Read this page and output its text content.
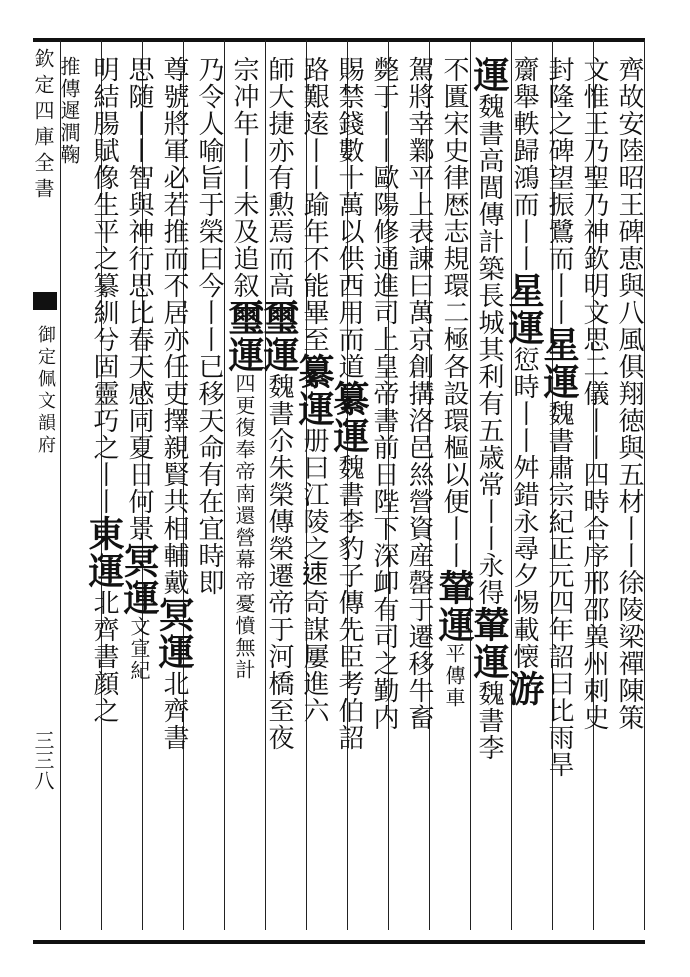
欽定四庫全書
御定佩文韻府
三三八
齊故安陸昭王碑恵與八風俱翔徳與五材丨丨徐陵梁禪陳策
文惟王乃聖乃神欽明文思二儀丨丨四時合序邢邵兾州刺史
封隆之碑望振鷺而丨丨星運魏書肅宗紀正元四年詔曰比雨旱
𪗋舉軼歸鴻而丨丨星運愆時丨丨舛錯永尋夕惕載懐游
運魏書高閭傳計築長城其利有五歳常丨丨永得輦運魏書李
不匱宋史律厯志規環二極各設環樞以便丨丨輦運平傳車
駕將幸鄴平上表諌曰萬京創搆洛邑𢇁營資産罄于遷移牛畜
斃于丨丨歐陽修通進司上皇帝書前日陛下深卹有司之勤内
賜禁錢數十萬以供西用而道纂運魏書李豹子傳先臣考伯詔
路艱逺丨丨踰年不能畢至纂運册曰江陵之𨒪奇謀屢進六
師大捷亦有勲焉而高璽運魏書尒朱榮傳榮遷帝于河橋至夜
宗冲年丨丨未及追叙璽運四更復奉帝南還營幕帝憂憤無計
乃令人喻旨于榮曰今丨丨已移天命有在宜時即
尊號將軍必若推而不居亦任吏擇親賢共相輔戴冥運北齊書
思随丨丨智與神行思比春天感同夏日何景冥運文宣紀
明結腸賦像生平之纂紃兮固靈巧之丨丨東運北齊書顔之
推傳遲澗鞠
